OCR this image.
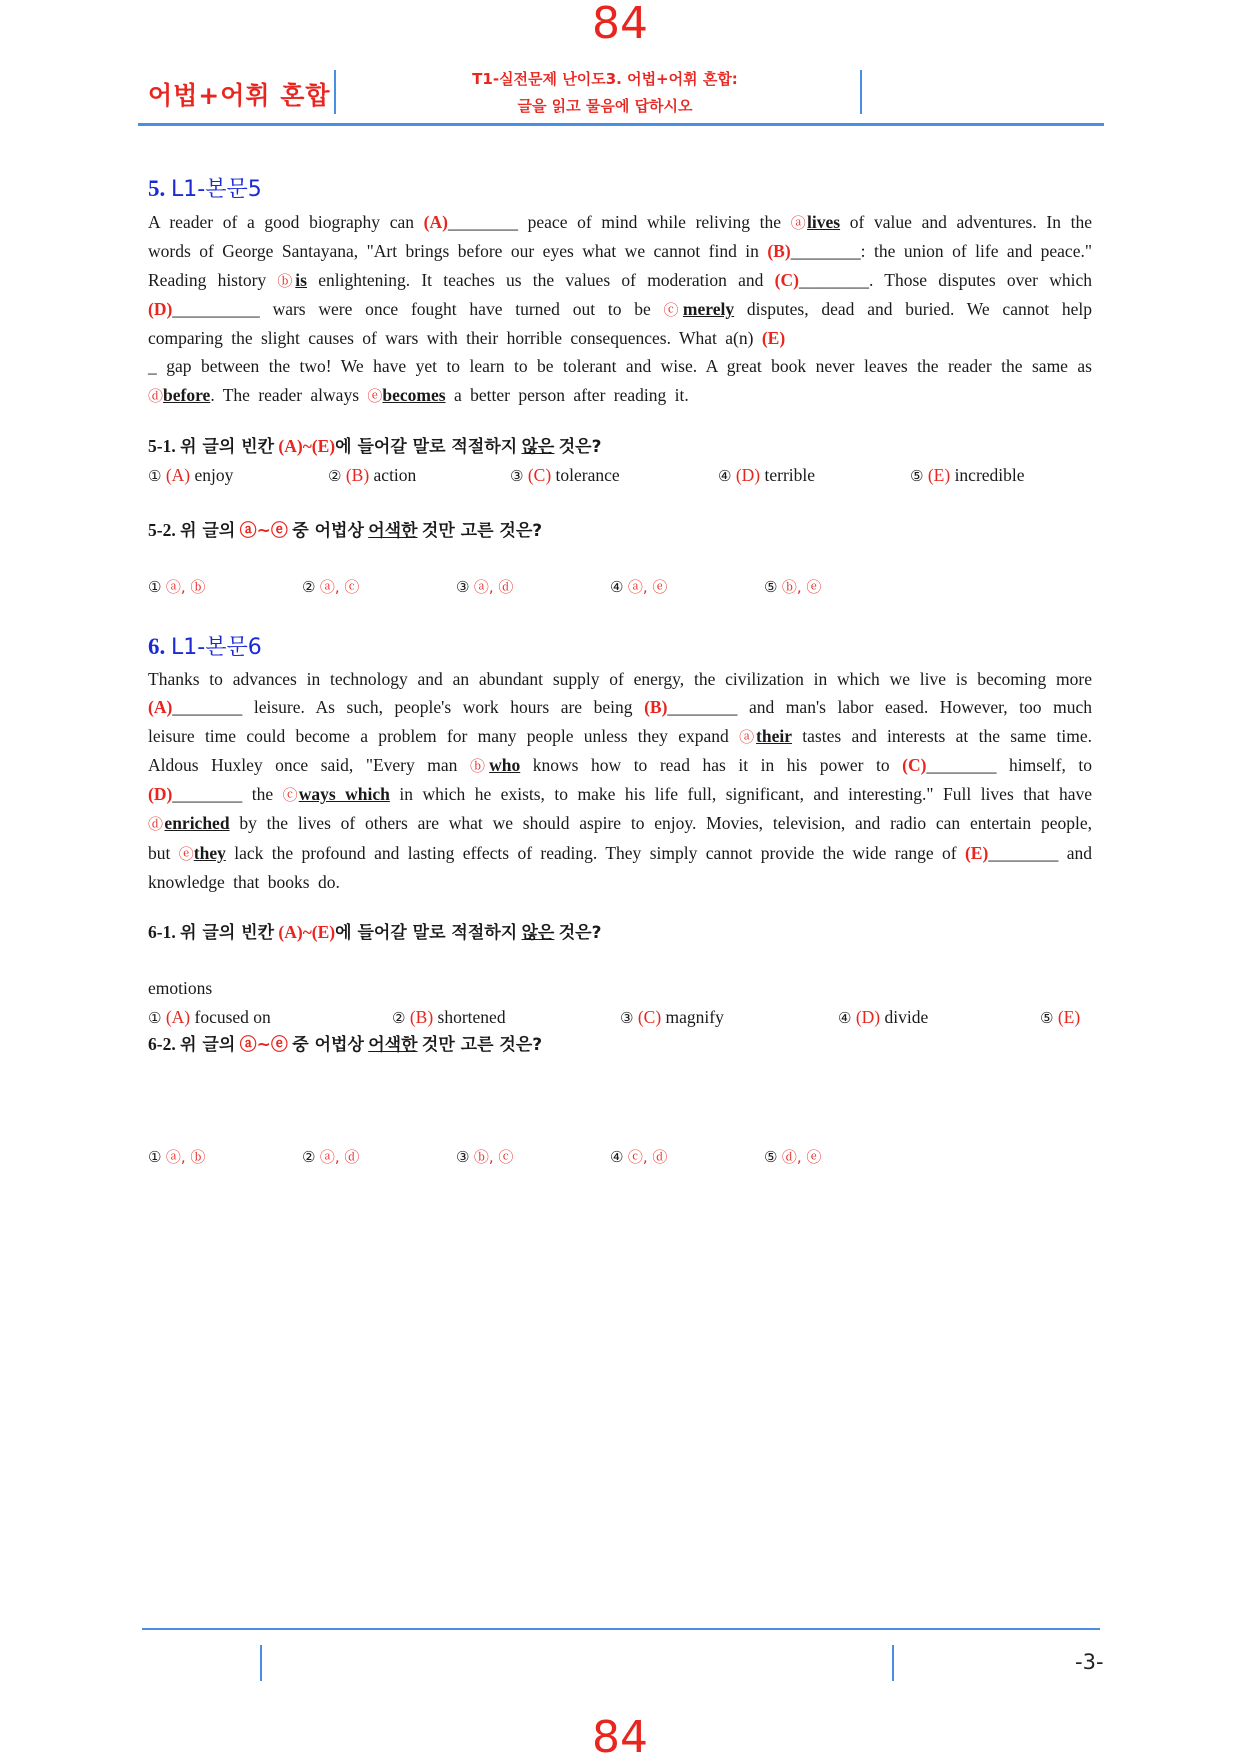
84
어법+어휘 혼합
T1-실전문제 난이도3. 어법+어휘 혼합:
글을 읽고 물음에 답하시오
5. L1-본문5
A reader of a good biography can (A)________ peace of mind while reliving the ⓐlives of value and adventures. In the words of George Santayana, "Art brings before our eyes what we cannot find in (B)________: the union of life and peace." Reading history ⓑis enlightening. It teaches us the values of moderation and (C)________. Those disputes over which (D)__________ wars were once fought have turned out to be ⓒmerely disputes, dead and buried. We cannot help comparing the slight causes of wars with their horrible consequences. What a(n) (E)
_ gap between the two! We have yet to learn to be tolerant and wise. A great book never leaves the reader the same as ⓓbefore. The reader always ⓔbecomes a better person after reading it.
5-1. 위 글의 빈칸 (A)~(E)에 들어갈 말로 적절하지 않은 것은?
① (A) enjoy	② (B) action	③ (C) tolerance	④ (D) terrible	⑤ (E) incredible
5-2. 위 글의 ⓐ~ⓔ 중 어법상 어색한 것만 고른 것은?
① ⓐ, ⓑ	② ⓐ, ⓒ	③ ⓐ, ⓓ	④ ⓐ, ⓔ	⑤ ⓑ, ⓔ
6. L1-본문6
Thanks to advances in technology and an abundant supply of energy, the civilization in which we live is becoming more (A)________ leisure. As such, people's work hours are being (B)________ and man's labor eased. However, too much leisure time could become a problem for many people unless they expand ⓐtheir tastes and interests at the same time. Aldous Huxley once said, "Every man ⓑwho knows how to read has it in his power to (C)________ himself, to (D)________ the ⓒways which in which he exists, to make his life full, significant, and interesting." Full lives that have ⓓenriched by the lives of others are what we should aspire to enjoy. Movies, television, and radio can entertain people, but ⓔthey lack the profound and lasting effects of reading. They simply cannot provide the wide range of (E)________ and knowledge that books do.
6-1. 위 글의 빈칸 (A)~(E)에 들어갈 말로 적절하지 않은 것은?
① (A) focused on	② (B) shortened	③ (C) magnify	④ (D) divide	⑤ (E)
emotions
6-2. 위 글의 ⓐ~ⓔ 중 어법상 어색한 것만 고른 것은?
① ⓐ, ⓑ	② ⓐ, ⓓ	③ ⓑ, ⓒ	④ ⓒ, ⓓ	⑤ ⓓ, ⓔ
-3-
84
